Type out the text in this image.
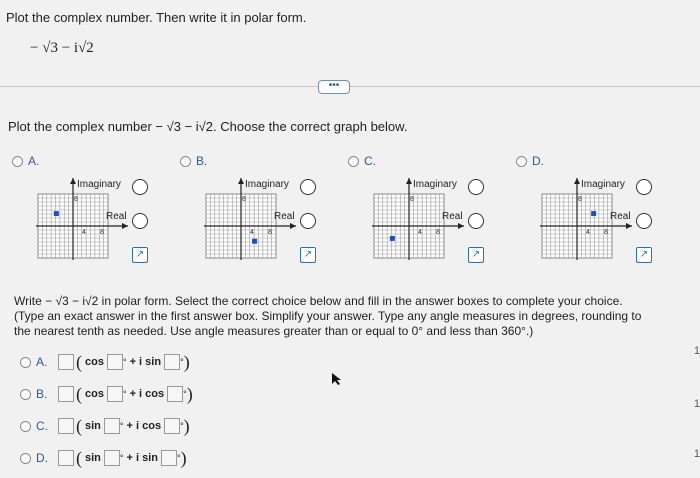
Plot the complex number. Then write it in polar form.
− √3 − i√2
•••
Plot the complex number − √3 − i√2. Choose the correct graph below.
A.
8
8
4
Imaginary
Real
↗
B.
8
8
4
Imaginary
Real
↗
C.
8
8
4
Imaginary
Real
↗
D.
8
8
4
Imaginary
Real
↗
Write − √3 − i√2 in polar form. Select the correct choice below and fill in the answer boxes to complete your choice.
(Type an exact answer in the first answer box. Simplify your answer. Type any angle measures in degrees, rounding to
the nearest tenth as needed. Use angle measures greater than or equal to 0° and less than 360°.)
A.	( cos ° + i sin ° )
B.	( cos ° + i cos ° )
C.	( sin ° + i cos ° )
D.	( sin ° + i sin ° )
1
1
1
